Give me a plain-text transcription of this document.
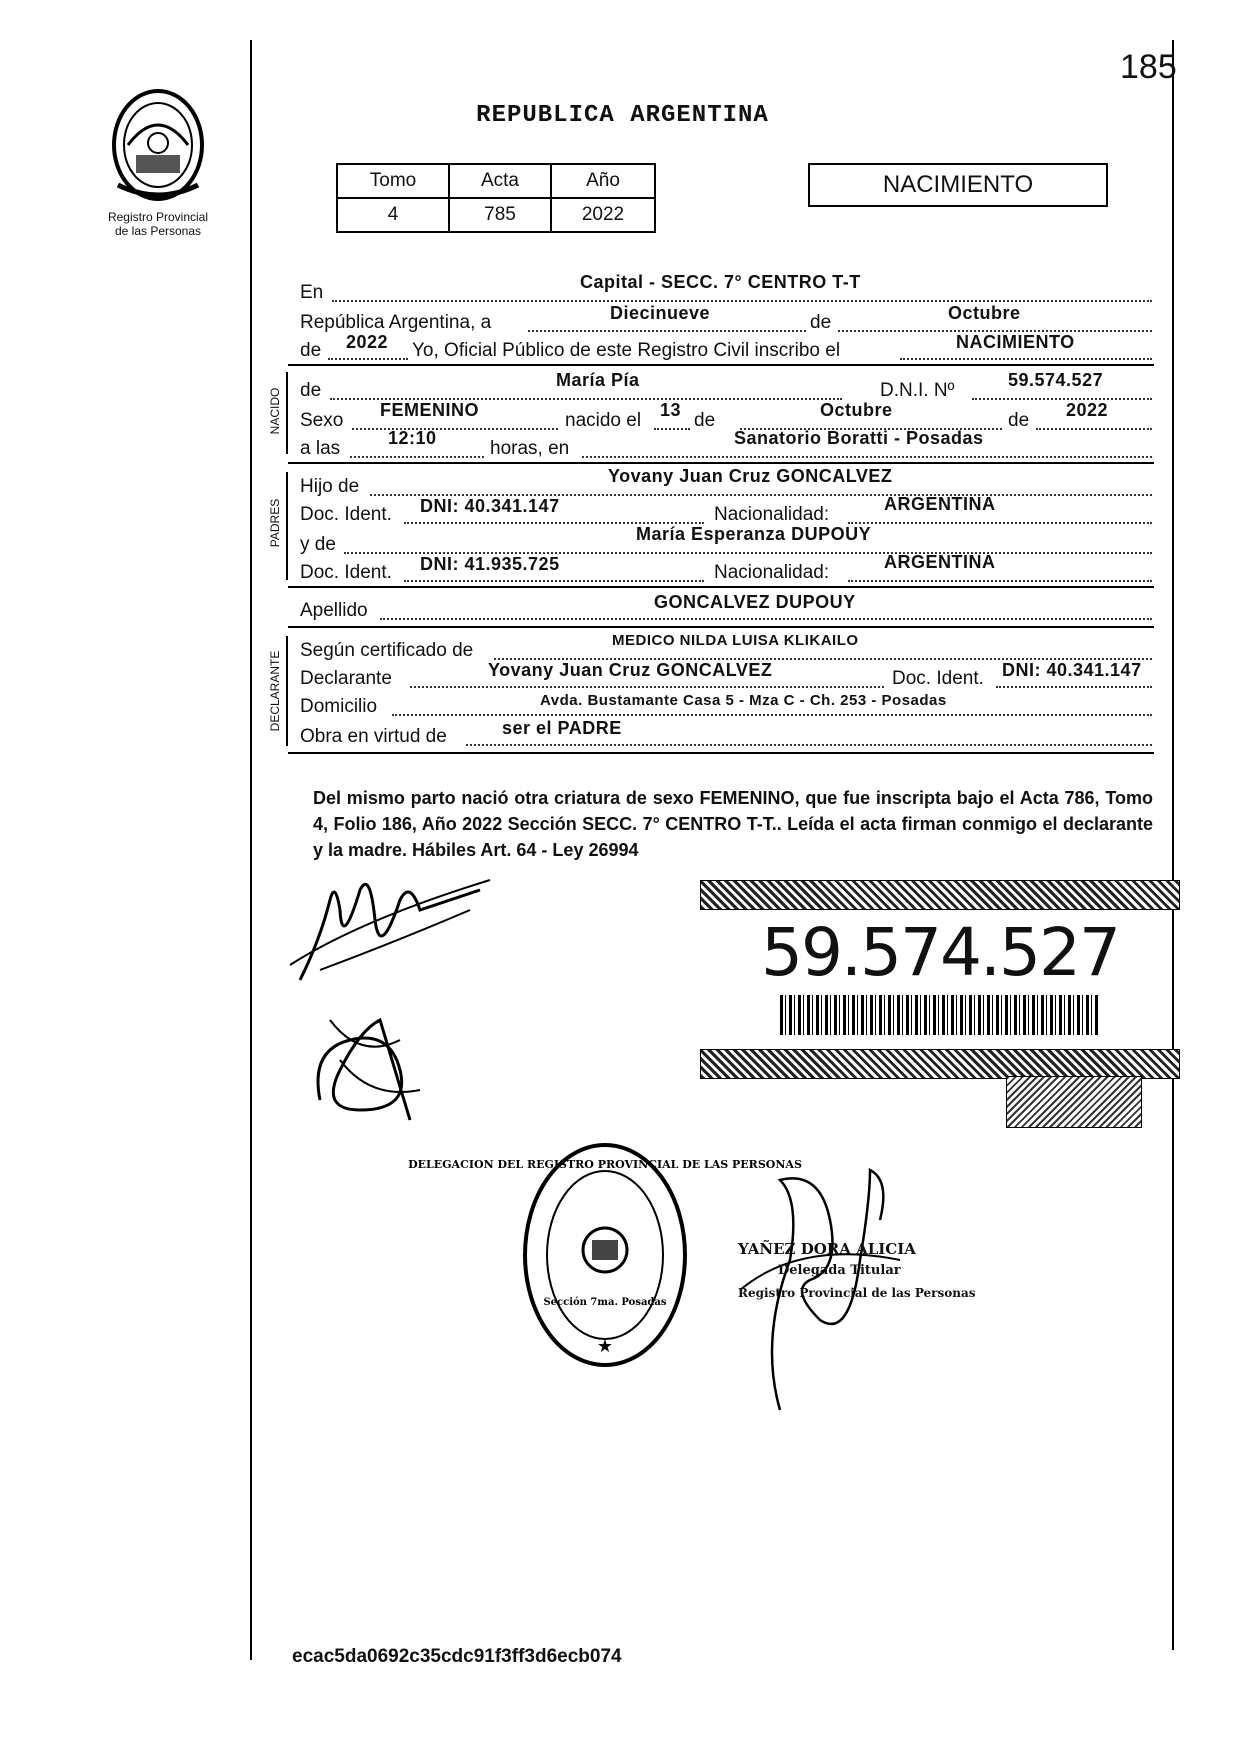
185
Registro Provincial
de las Personas
REPUBLICA ARGENTINA
Tomo	Acta	Año
4	785	2022
NACIMIENTO
En	Capital - SECC. 7° CENTRO T-T
República Argentina, a	Diecinueve	de	Octubre
de 2022 Yo, Oficial Público de este Registro Civil inscribo el	NACIMIENTO
NACIDO de	María Pía	D.N.I. Nº	59.574.527
Sexo FEMENINO	nacido el 13 de	Octubre	de 2022
a las	12:10	horas, en	Sanatorio Boratti - Posadas
PADRES
Hijo de	Yovany Juan Cruz GONCALVEZ
Doc. Ident. DNI: 40.341.147	Nacionalidad:	ARGENTINA
y de	María Esperanza DUPOUY
Doc. Ident. DNI: 41.935.725	Nacionalidad:	ARGENTINA
Apellido	GONCALVEZ DUPOUY
DECLARANTE
Según certificado de	MEDICO NILDA LUISA KLIKAILO
Declarante	Yovany Juan Cruz GONCALVEZ	Doc. Ident. DNI: 40.341.147
Domicilio	Avda. Bustamante Casa 5 - Mza C - Ch. 253 - Posadas
Obra en virtud de	ser el PADRE
Del mismo parto nació otra criatura de sexo FEMENINO, que fue inscripta bajo el Acta 786, Tomo 4, Folio 186, Año 2022 Sección SECC. 7° CENTRO T-T.. Leída el acta firman conmigo el declarante y la madre. Hábiles Art. 64 - Ley 26994
59.574.527
★
DELEGACION DEL REGISTRO PROVINCIAL DE LAS PERSONAS
Sección 7ma. Posadas
YAÑEZ DORA ALICIA
Delegada Titular
Registro Provincial de las Personas
ecac5da0692c35cdc91f3ff3d6ecb074
